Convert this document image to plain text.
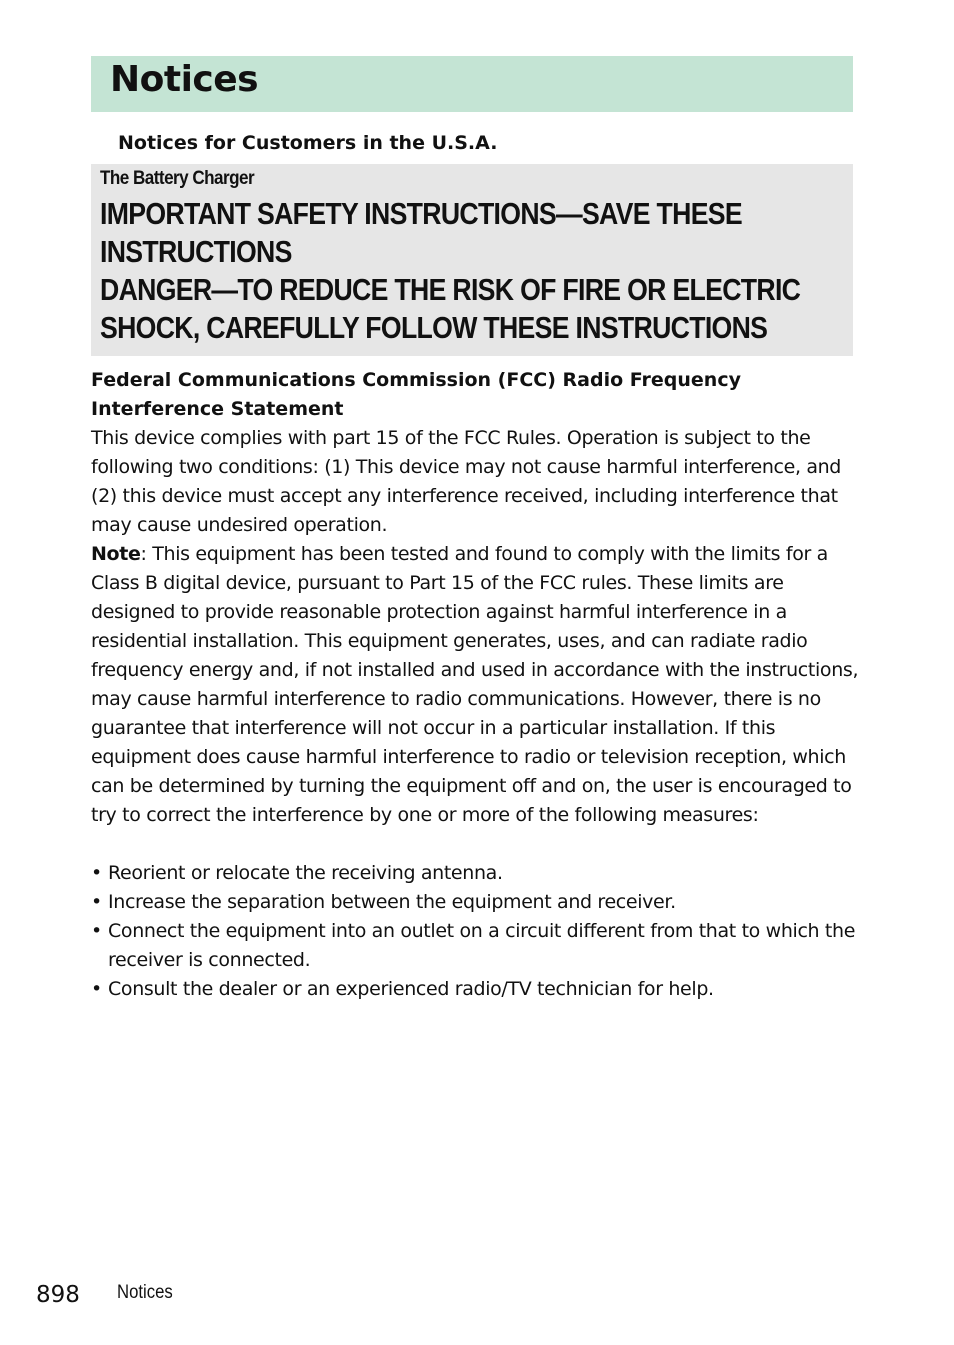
Notices
Notices for Customers in the U.S.A.
The Battery Charger
IMPORTANT SAFETY INSTRUCTIONS—SAVE THESE INSTRUCTIONS
DANGER—TO REDUCE THE RISK OF FIRE OR ELECTRIC SHOCK, CAREFULLY FOLLOW THESE INSTRUCTIONS
Federal Communications Commission (FCC) Radio Frequency Interference Statement
This device complies with part 15 of the FCC Rules. Operation is subject to the following two conditions: (1) This device may not cause harmful interference, and (2) this device must accept any interference received, including interference that may cause undesired operation.
Note: This equipment has been tested and found to comply with the limits for a Class B digital device, pursuant to Part 15 of the FCC rules. These limits are designed to provide reasonable protection against harmful interference in a residential installation. This equipment generates, uses, and can radiate radio frequency energy and, if not installed and used in accordance with the instructions, may cause harmful interference to radio communications. However, there is no guarantee that interference will not occur in a particular installation. If this equipment does cause harmful interference to radio or television reception, which can be determined by turning the equipment off and on, the user is encouraged to try to correct the interference by one or more of the following measures:
• Reorient or relocate the receiving antenna.
• Increase the separation between the equipment and receiver.
• Connect the equipment into an outlet on a circuit different from that to which the receiver is connected.
• Consult the dealer or an experienced radio/TV technician for help.
898 Notices
